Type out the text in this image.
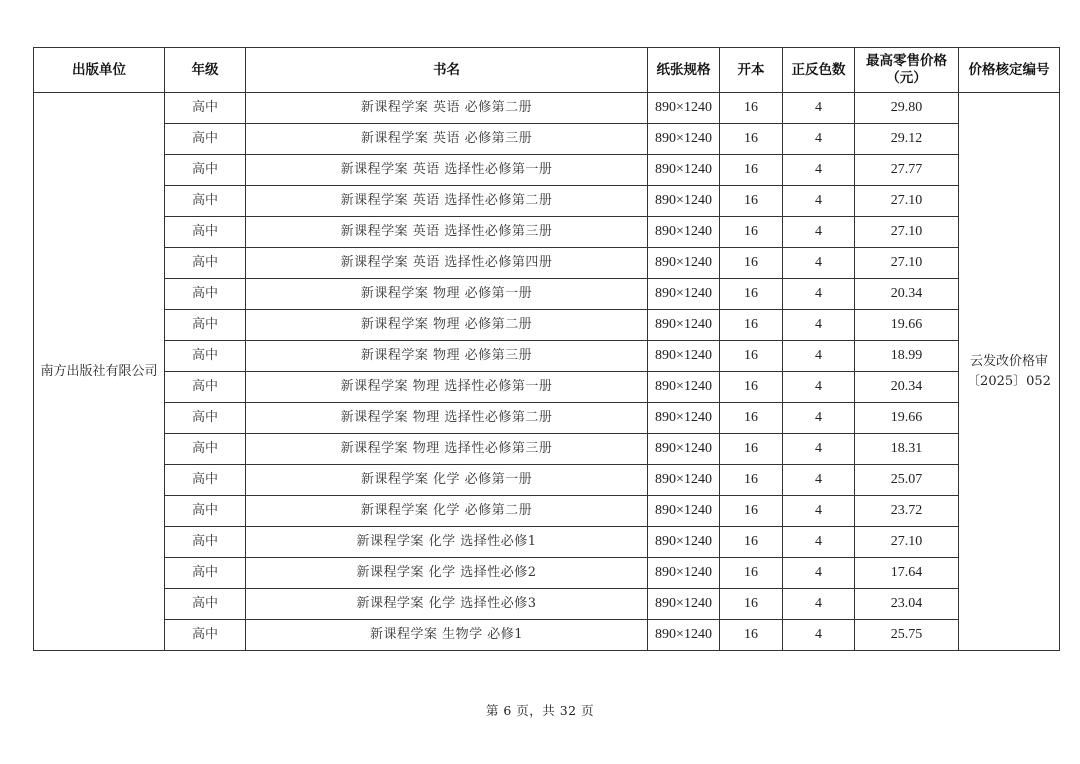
出版单位	年级	书名	纸张规格	开本	正反色数	最高零售价格（元）	价格核定编号
南方出版社有限公司	高中	新课程学案 英语 必修第二册	890×1240	16	4	29.80	云发改价格审〔2025〕052
	高中	新课程学案 英语 必修第三册	890×1240	16	4	29.12	
	高中	新课程学案 英语 选择性必修第一册	890×1240	16	4	27.77	
	高中	新课程学案 英语 选择性必修第二册	890×1240	16	4	27.10	
	高中	新课程学案 英语 选择性必修第三册	890×1240	16	4	27.10	
	高中	新课程学案 英语 选择性必修第四册	890×1240	16	4	27.10	
	高中	新课程学案 物理 必修第一册	890×1240	16	4	20.34	
	高中	新课程学案 物理 必修第二册	890×1240	16	4	19.66	
	高中	新课程学案 物理 必修第三册	890×1240	16	4	18.99	
	高中	新课程学案 物理 选择性必修第一册	890×1240	16	4	20.34	
	高中	新课程学案 物理 选择性必修第二册	890×1240	16	4	19.66	
	高中	新课程学案 物理 选择性必修第三册	890×1240	16	4	18.31	
	高中	新课程学案 化学 必修第一册	890×1240	16	4	25.07	
	高中	新课程学案 化学 必修第二册	890×1240	16	4	23.72	
	高中	新课程学案 化学 选择性必修1	890×1240	16	4	27.10	
	高中	新课程学案 化学 选择性必修2	890×1240	16	4	17.64	
	高中	新课程学案 化学 选择性必修3	890×1240	16	4	23.04	
	高中	新课程学案 生物学 必修1	890×1240	16	4	25.75	
第 6 页，共 32 页
